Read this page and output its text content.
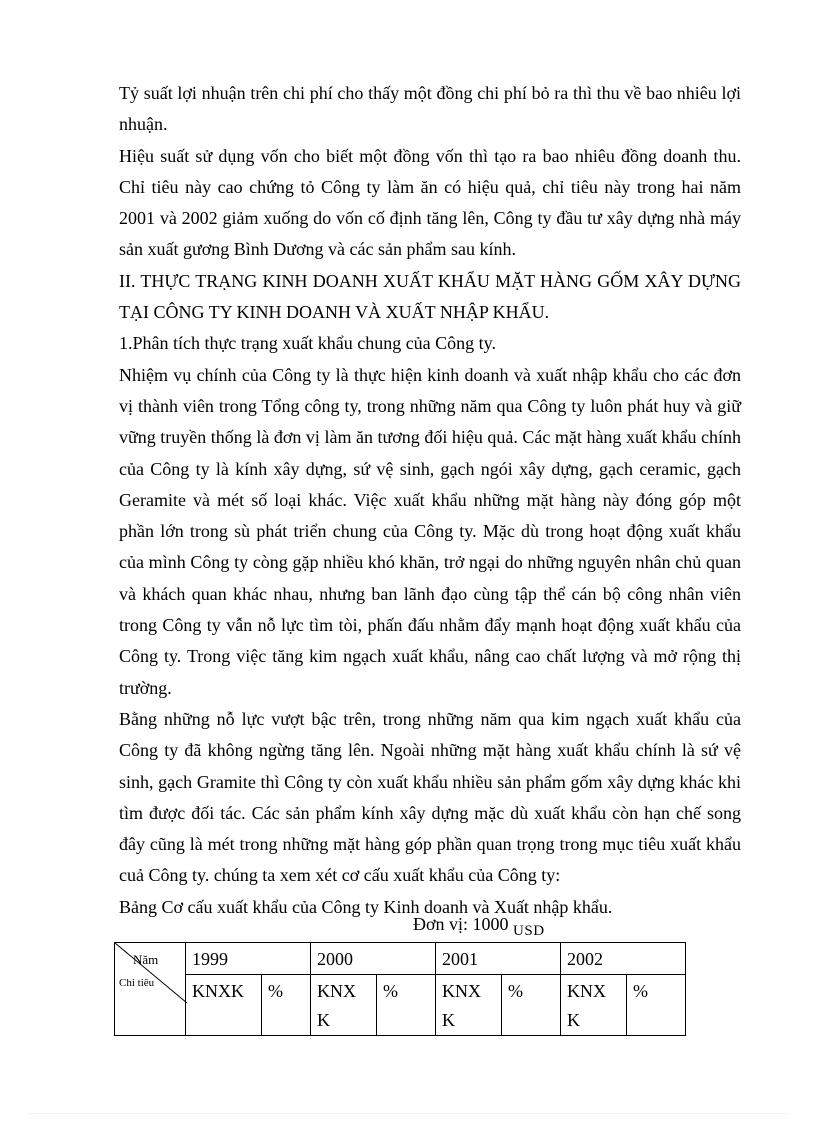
Tỷ suất lợi nhuận trên chi phí cho thấy một đồng chi phí bỏ ra thì thu về bao nhiêu lợi nhuận.

Hiệu suất sử dụng vốn cho biết một đồng vốn thì tạo ra bao nhiêu đồng doanh thu. Chỉ tiêu này cao chứng tỏ Công ty làm ăn có hiệu quả, chỉ tiêu này trong hai năm 2001 và 2002 giảm xuống do vốn cố định tăng lên, Công ty đầu tư xây dựng nhà máy sản xuất gương Bình Dương và các sản phẩm sau kính.

II. THỰC TRẠNG KINH DOANH XUẤT KHẨU MẶT HÀNG GỐM XÂY DỰNG TẠI CÔNG TY KINH DOANH VÀ XUẤT NHẬP KHẨU.

1.Phân tích thực trạng xuất khẩu chung của Công ty.

Nhiệm vụ chính của Công ty là thực hiện kinh doanh và xuất nhập khẩu cho các đơn vị thành viên trong Tổng công ty, trong những năm qua Công ty luôn phát huy và giữ vững truyền thống là đơn vị làm ăn tương đối hiệu quả. Các mặt hàng xuất khẩu chính của Công ty là kính xây dựng, sứ vệ sinh, gạch ngói xây dựng, gạch ceramic, gạch Geramite và mét số loại khác. Việc xuất khẩu những mặt hàng này đóng góp một phần lớn trong sù phát triển chung của Công ty. Mặc dù trong hoạt động xuất khẩu của mình Công ty còng gặp nhiều khó khăn, trở ngại do những nguyên nhân chủ quan và khách quan khác nhau, nhưng ban lãnh đạo cùng tập thể cán bộ công nhân viên trong Công ty vẫn nỗ lực tìm tòi, phấn đấu nhằm đẩy mạnh hoạt động xuất khẩu của Công ty. Trong việc tăng kim ngạch xuất khẩu, nâng cao chất lượng và mở rộng thị trường.

Bằng những nỗ lực vượt bậc trên, trong những năm qua kim ngạch xuất khẩu của Công ty đã không ngừng tăng lên. Ngoài những mặt hàng xuất khẩu chính là sứ vệ sinh, gạch Gramite thì Công ty còn xuất khẩu nhiều sản phẩm gốm xây dựng khác khi tìm được đối tác. Các sản phẩm kính xây dựng mặc dù xuất khẩu còn hạn chế song đây cũng là mét trong những mặt hàng góp phần quan trọng trong mục tiêu xuất khẩu cuả Công ty. chúng ta xem xét cơ cấu xuất khẩu của Công ty:

Bảng Cơ cấu xuất khẩu của Công ty Kinh doanh và Xuất nhập khẩu.

Đơn vị: 1000 $_{USD}$
Năm
Chỉ tiêu	1999		2000		2001		2002	
	KNXK	%	KNX K	%	KNX K	%	KNX K	%
